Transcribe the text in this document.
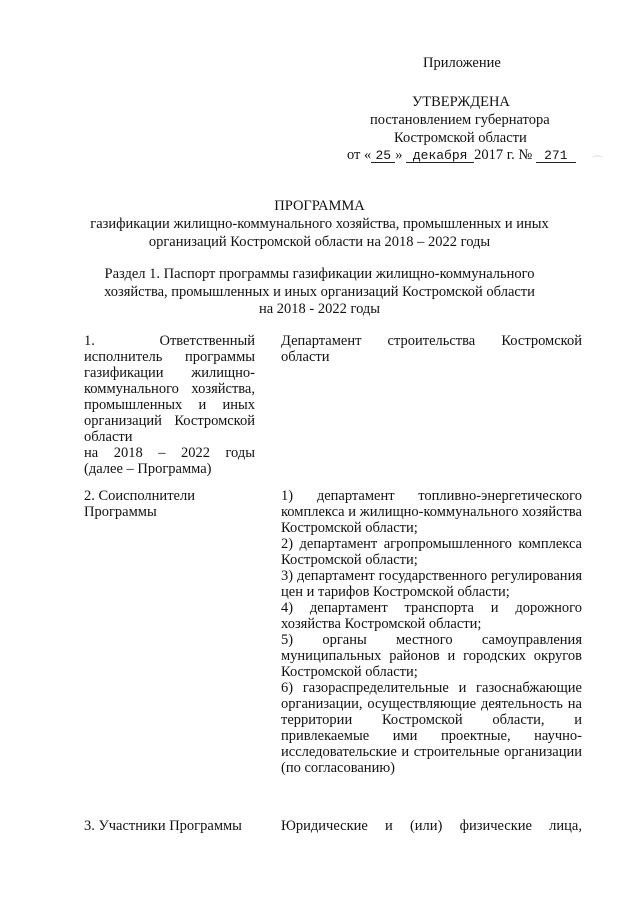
Приложение
УТВЕРЖДЕНА
постановлением губернатора
Костромской области
от « 25 » декабря 2017 г. № 271	⌒
ПРОГРАММА
газификации жилищно-коммунального хозяйства, промышленных и иных
организаций Костромской области на 2018 – 2022 годы
Раздел 1. Паспорт программы газификации жилищно-коммунального
хозяйства, промышленных и иных организаций Костромской области
на 2018 - 2022 годы
1. Ответственный исполнитель программы газификации жилищно-коммунального хозяйства, промышленных и иных организаций Костромской области
на 2018 – 2022 годы
(далее – Программа)
Департамент строительства Костромской области
2. Соисполнители Программы
1) департамент топливно-энергетического комплекса и жилищно-коммунального хозяйства Костромской области;
2) департамент агропромышленного комплекса Костромской области;
3) департамент государственного регулирования цен и тарифов Костромской области;
4) департамент транспорта и дорожного хозяйства Костромской области;
5) органы местного самоуправления муниципальных районов и городских округов Костромской области;
6) газораспределительные и газоснабжающие организации, осуществляющие деятельность на территории Костромской области, и привлекаемые ими проектные, научно-исследовательские и строительные организации (по согласованию)
3. Участники Программы	Юридические и (или) физические лица,
